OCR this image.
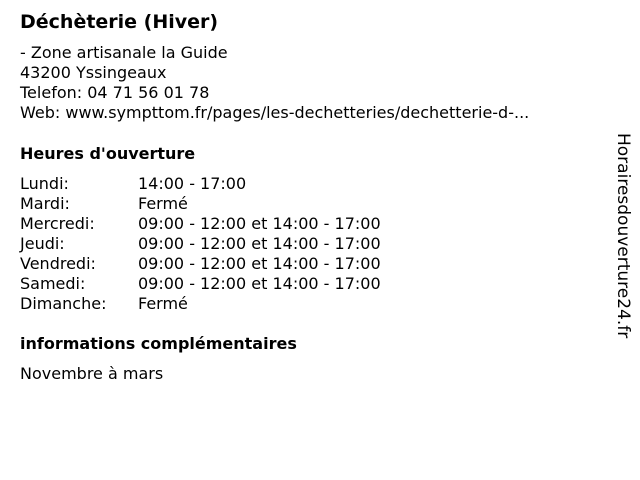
Déchèterie (Hiver)
- Zone artisanale la Guide
43200 Yssingeaux
Telefon: 04 71 56 01 78
Web: www.sympttom.fr/pages/les-dechetteries/dechetterie-d-...
Heures d'ouverture
Lundi:	14:00 - 17:00
Mardi:	Fermé
Mercredi:	09:00 - 12:00 et 14:00 - 17:00
Jeudi:	09:00 - 12:00 et 14:00 - 17:00
Vendredi:	09:00 - 12:00 et 14:00 - 17:00
Samedi:	09:00 - 12:00 et 14:00 - 17:00
Dimanche: Fermé
informations complémentaires
Novembre à mars
Horairesdouverture24.fr
